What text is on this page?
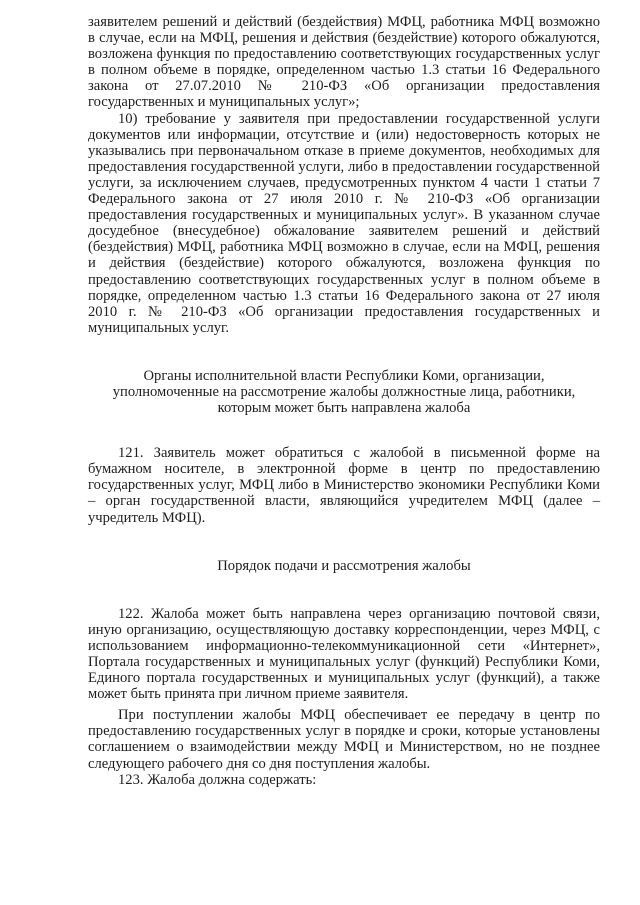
заявителем решений и действий (бездействия) МФЦ, работника МФЦ возможно в случае, если на МФЦ, решения и действия (бездействие) которого обжалуются, возложена функция по предоставлению соответствующих государственных услуг в полном объеме в порядке, определенном частью 1.3 статьи 16 Федерального закона от 27.07.2010 № 210-ФЗ «Об организации предоставления государственных и муниципальных услуг»;

10) требование у заявителя при предоставлении государственной услуги документов или информации, отсутствие и (или) недостоверность которых не указывались при первоначальном отказе в приеме документов, необходимых для предоставления государственной услуги, либо в предоставлении государственной услуги, за исключением случаев, предусмотренных пунктом 4 части 1 статьи 7 Федерального закона от 27 июля 2010 г. № 210-ФЗ «Об организации предоставления государственных и муниципальных услуг». В указанном случае досудебное (внесудебное) обжалование заявителем решений и действий (бездействия) МФЦ, работника МФЦ возможно в случае, если на МФЦ, решения и действия (бездействие) которого обжалуются, возложена функция по предоставлению соответствующих государственных услуг в полном объеме в порядке, определенном частью 1.3 статьи 16 Федерального закона от 27 июля 2010 г. № 210-ФЗ «Об организации предоставления государственных и муниципальных услуг.

Органы исполнительной власти Республики Коми, организации, уполномоченные на рассмотрение жалобы должностные лица, работники, которым может быть направлена жалоба

121. Заявитель может обратиться с жалобой в письменной форме на бумажном носителе, в электронной форме в центр по предоставлению государственных услуг, МФЦ либо в Министерство экономики Республики Коми – орган государственной власти, являющийся учредителем МФЦ (далее – учредитель МФЦ).

Порядок подачи и рассмотрения жалобы

122. Жалоба может быть направлена через организацию почтовой связи, иную организацию, осуществляющую доставку корреспонденции, через МФЦ, с использованием информационно-телекоммуникационной сети «Интернет», Портала государственных и муниципальных услуг (функций) Республики Коми, Единого портала государственных и муниципальных услуг (функций), а также может быть принята при личном приеме заявителя.

При поступлении жалобы МФЦ обеспечивает ее передачу в центр по предоставлению государственных услуг в порядке и сроки, которые установлены соглашением о взаимодействии между МФЦ и Министерством, но не позднее следующего рабочего дня со дня поступления жалобы.

123. Жалоба должна содержать:
